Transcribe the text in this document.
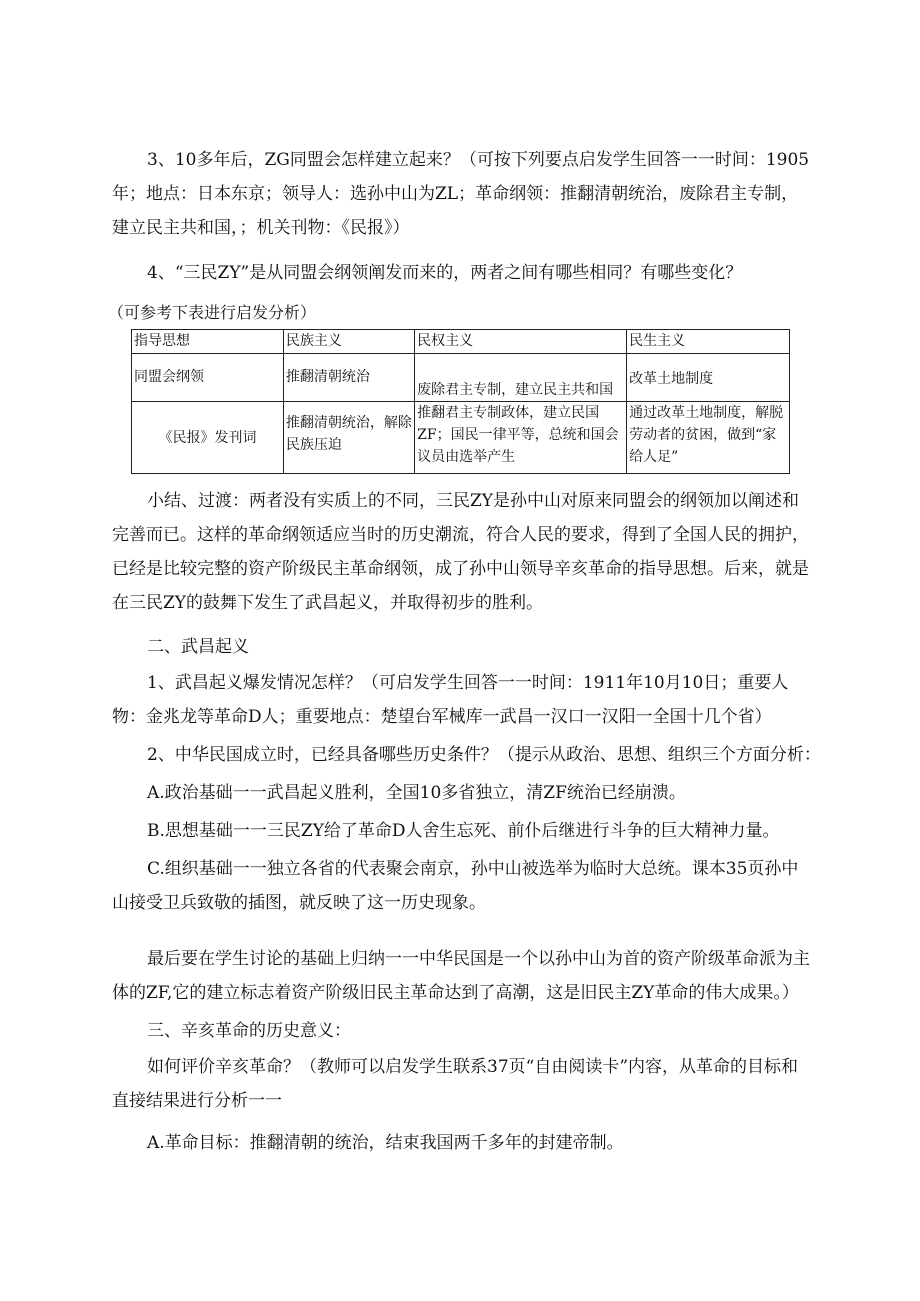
3、10多年后，ZG同盟会怎样建立起来？（可按下列要点启发学生回答一一时间：1905年；地点：日本东京；领导人：选孙中山为ZL；革命纲领：推翻清朝统治，废除君主专制，建立民主共和国，；机关刊物：《民报》）

4、“三民ZY”是从同盟会纲领阐发而来的，两者之间有哪些相同？有哪些变化？

（可参考下表进行启发分析）

指导思想	民族主义	民权主义	民生主义
同盟会纲领	推翻清朝统治	废除君主专制，建立民主共和国	改革土地制度
《民报》发刊词	推翻清朝统治，解除民族压迫	推翻君主专制政体，建立民国ZF；国民一律平等，总统和国会议员由选举产生	通过改革土地制度，解脱劳动者的贫困，做到“家给人足”

小结、过渡：两者没有实质上的不同，三民ZY是孙中山对原来同盟会的纲领加以阐述和完善而已。这样的革命纲领适应当时的历史潮流，符合人民的要求，得到了全国人民的拥护，已经是比较完整的资产阶级民主革命纲领，成了孙中山领导辛亥革命的指导思想。后来，就是在三民ZY的鼓舞下发生了武昌起义，并取得初步的胜利。

二、武昌起义

1、武昌起义爆发情况怎样？（可启发学生回答一一时间：1911年10月10日；重要人物：金兆龙等革命D人；重要地点：楚望台军械库一武昌一汉口一汉阳一全国十几个省）

2、中华民国成立时，已经具备哪些历史条件？（提示从政治、思想、组织三个方面分析：

A.政治基础一一武昌起义胜利，全国10多省独立，清ZF统治已经崩溃。

B.思想基础一一三民ZY给了革命D人舍生忘死、前仆后继进行斗争的巨大精神力量。

C.组织基础一一独立各省的代表聚会南京，孙中山被选举为临时大总统。课本35页孙中山接受卫兵致敬的插图，就反映了这一历史现象。

最后要在学生讨论的基础上归纳一一中华民国是一个以孙中山为首的资产阶级革命派为主体的ZF,它的建立标志着资产阶级旧民主革命达到了高潮，这是旧民主ZY革命的伟大成果。）

三、辛亥革命的历史意义：

如何评价辛亥革命？（教师可以启发学生联系37页“自由阅读卡”内容，从革命的目标和直接结果进行分析一一

A.革命目标：推翻清朝的统治，结束我国两千多年的封建帝制。
